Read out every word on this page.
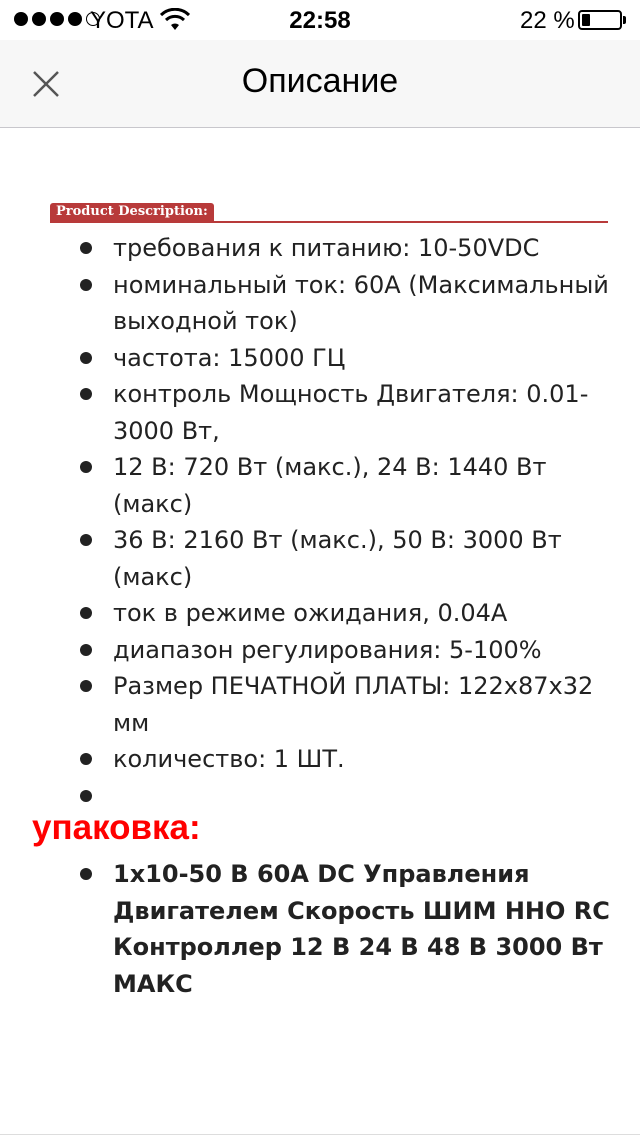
YOTA	22:58	22 %
Описание
Product Description:
требования к питанию: 10-50VDC
номинальный ток: 60A (Максимальный выходной ток)
частота: 15000 ГЦ
контроль Мощность Двигателя: 0.01-3000 Вт,
12 В: 720 Вт (макс.), 24 В: 1440 Вт (макс)
36 В: 2160 Вт (макс.), 50 В: 3000 Вт (макс)
ток в режиме ожидания, 0.04A
диапазон регулирования: 5-100%
Размер ПЕЧАТНОЙ ПЛАТЫ: 122x87x32 мм
количество: 1 ШТ.

упаковка:
1x10-50 В 60A DC Управления Двигателем Скорость ШИМ ННО RC Контроллер 12 В 24 В 48 В 3000 Вт МАКС
